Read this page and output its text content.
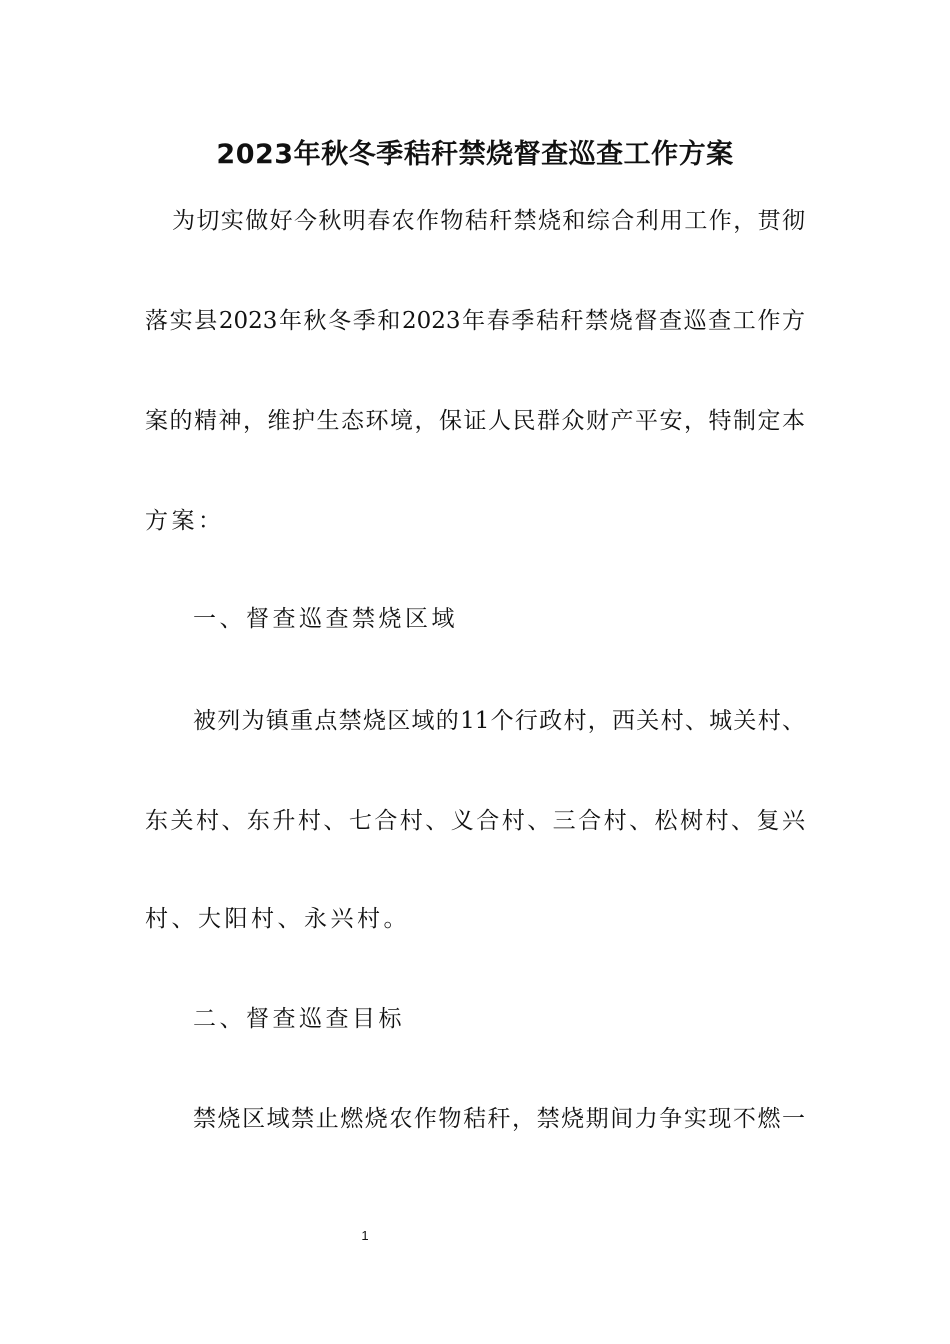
2023年秋冬季秸秆禁烧督查巡查工作方案

为切实做好今秋明春农作物秸秆禁烧和综合利用工作，贯彻

落实县2023年秋冬季和2023年春季秸秆禁烧督查巡查工作方

案的精神，维护生态环境，保证人民群众财产平安，特制定本

方案：

一、督查巡查禁烧区域

被列为镇重点禁烧区域的11个行政村，西关村、城关村、

东关村、东升村、七合村、义合村、三合村、松树村、复兴

村、大阳村、永兴村。

二、督查巡查目标

禁烧区域禁止燃烧农作物秸秆，禁烧期间力争实现不燃一

1
